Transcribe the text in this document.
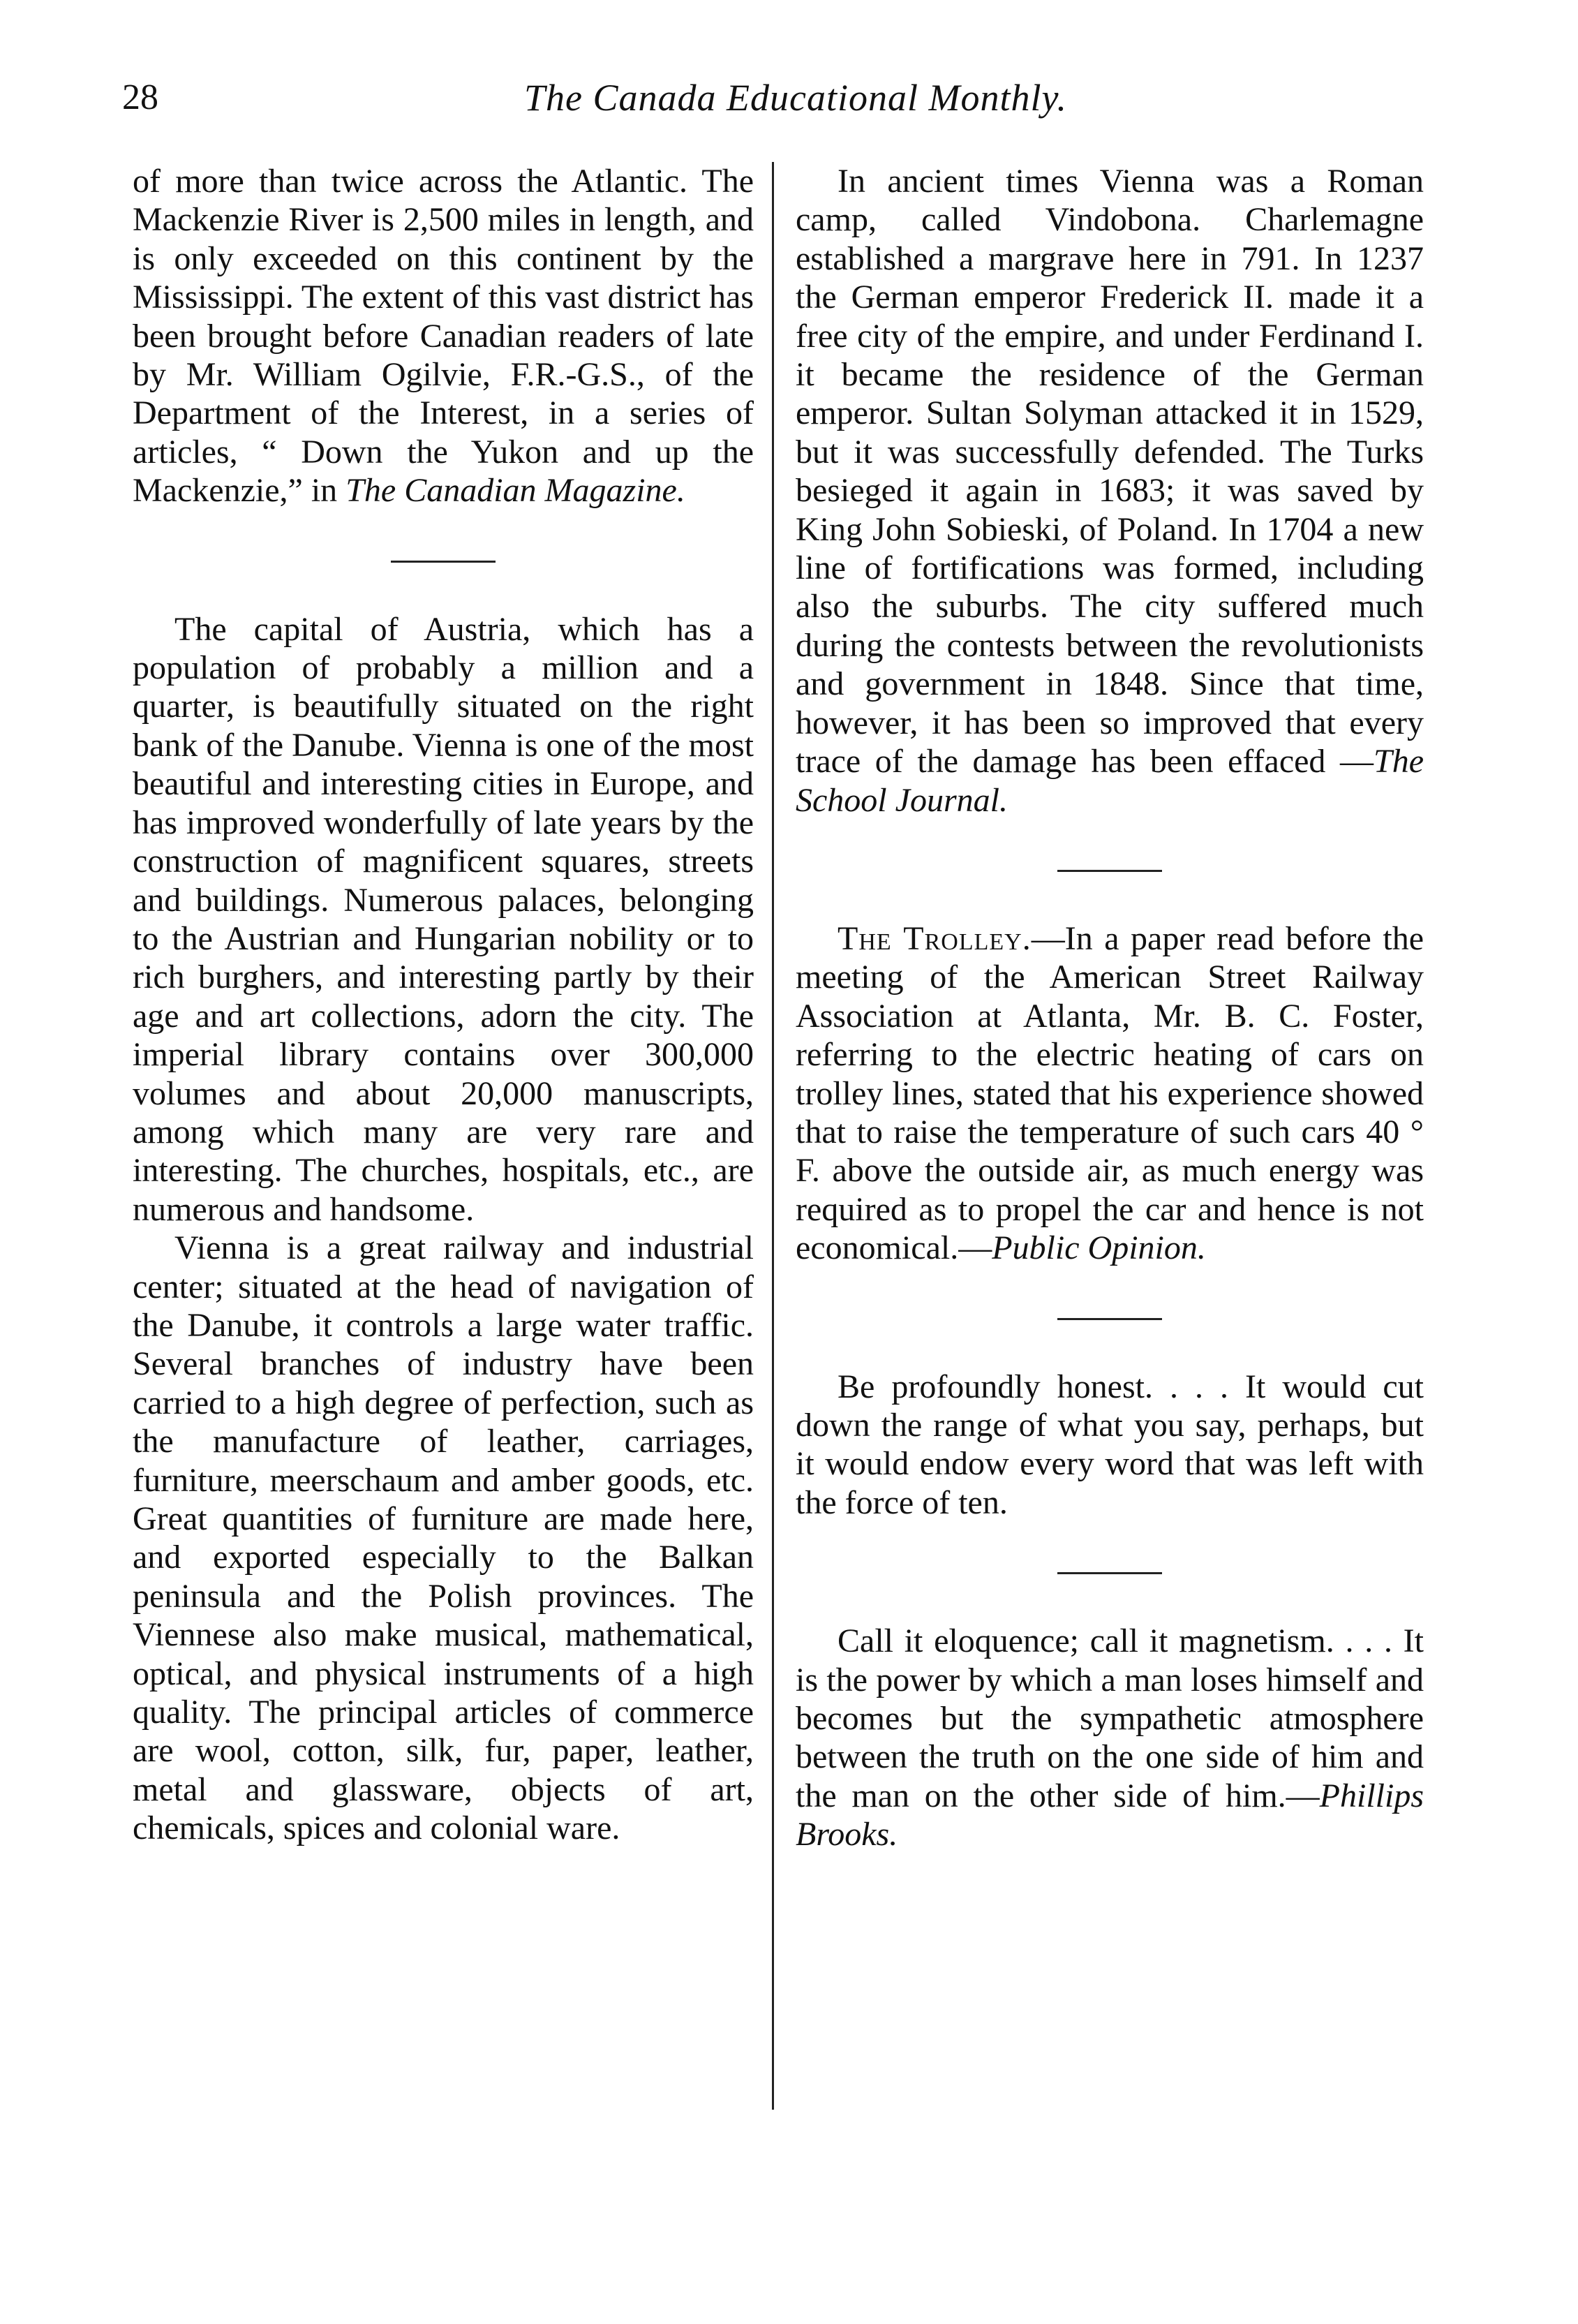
28	The Canada Educational Monthly.

of more than twice across the Atlantic. The Mackenzie River is 2,500 miles in length, and is only exceeded on this continent by the Mississippi. The extent of this vast district has been brought before Canadian readers of late by Mr. William Ogilvie, F.R.-G.S., of the Department of the Interest, in a series of articles, “ Down the Yukon and up the Mackenzie,” in The Canadian Magazine.

The capital of Austria, which has a population of probably a million and a quarter, is beautifully situated on the right bank of the Danube. Vienna is one of the most beautiful and interesting cities in Europe, and has improved wonderfully of late years by the construction of magnificent squares, streets and buildings. Numerous palaces, belonging to the Austrian and Hungarian nobility or to rich burghers, and interesting partly by their age and art collections, adorn the city. The imperial library contains over 300,000 volumes and about 20,000 manuscripts, among which many are very rare and interesting. The churches, hospitals, etc., are numerous and handsome.

Vienna is a great railway and industrial center; situated at the head of navigation of the Danube, it controls a large water traffic. Several branches of industry have been carried to a high degree of perfection, such as the manufacture of leather, carriages, furniture, meerschaum and amber goods, etc. Great quantities of furniture are made here, and exported especially to the Balkan peninsula and the Polish provinces. The Viennese also make musical, mathematical, optical, and physical instruments of a high quality. The principal articles of commerce are wool, cotton, silk, fur, paper, leather, metal and glassware, objects of art, chemicals, spices and colonial ware.

In ancient times Vienna was a Roman camp, called Vindobona. Charlemagne established a margrave here in 791. In 1237 the German emperor Frederick II. made it a free city of the empire, and under Ferdinand I. it became the residence of the German emperor. Sultan Solyman attacked it in 1529, but it was successfully defended. The Turks besieged it again in 1683; it was saved by King John Sobieski, of Poland. In 1704 a new line of fortifications was formed, including also the suburbs. The city suffered much during the contests between the revolutionists and government in 1848. Since that time, however, it has been so improved that every trace of the damage has been effaced —The School Journal.

The Trolley.—In a paper read before the meeting of the American Street Railway Association at Atlanta, Mr. B. C. Foster, referring to the electric heating of cars on trolley lines, stated that his experience showed that to raise the temperature of such cars 40 ° F. above the outside air, as much energy was required as to propel the car and hence is not economical.—Public Opinion.

Be profoundly honest. . . . It would cut down the range of what you say, perhaps, but it would endow every word that was left with the force of ten.

Call it eloquence; call it magnetism. . . . It is the power by which a man loses himself and becomes but the sympathetic atmosphere between the truth on the one side of him and the man on the other side of him.—Phillips Brooks.
